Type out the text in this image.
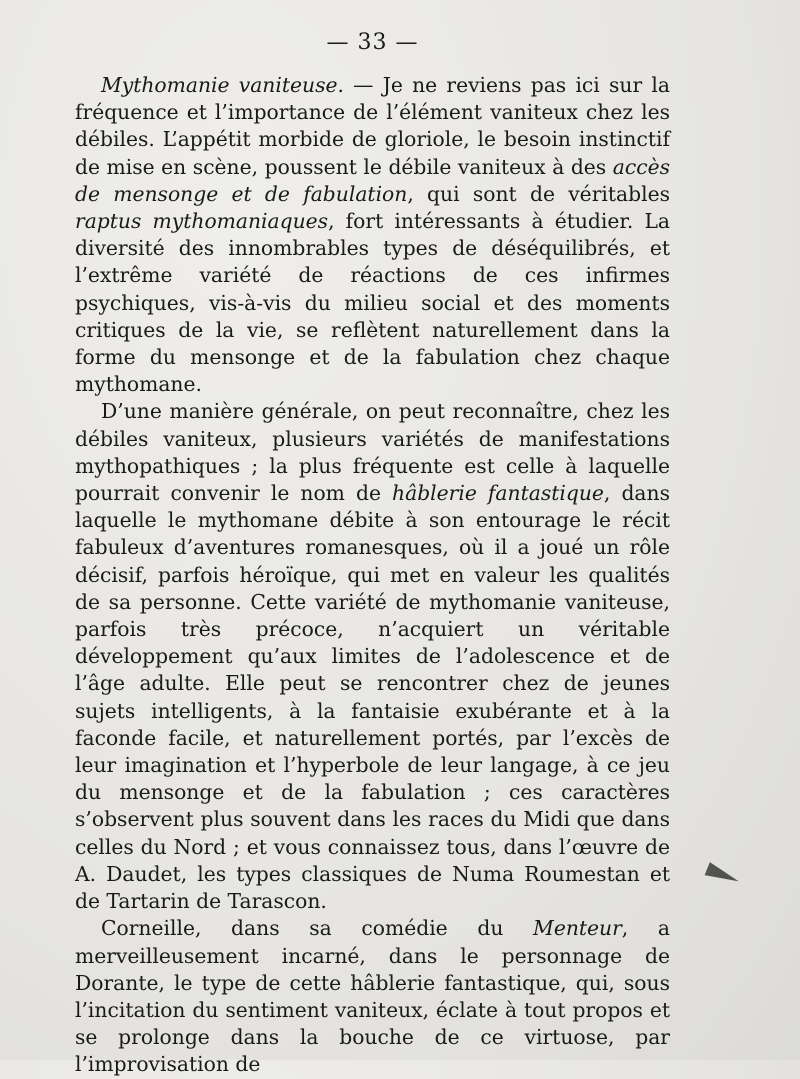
— 33 —

Mythomanie vaniteuse. — Je ne reviens pas ici sur la fréquence et l’importance de l’élément vaniteux chez les débiles. L’appétit morbide de gloriole, le besoin instinctif de mise en scène, poussent le débile vaniteux à des accès de mensonge et de fabulation, qui sont de véritables raptus mythomaniaques, fort intéressants à étudier. La diversité des innombrables types de déséquilibrés, et l’extrême variété de réactions de ces infirmes psychiques, vis-à-vis du milieu social et des moments critiques de la vie, se reflètent naturellement dans la forme du mensonge et de la fabulation chez chaque mythomane.

D’une manière générale, on peut reconnaître, chez les débiles vaniteux, plusieurs variétés de manifestations mythopathiques ; la plus fréquente est celle à laquelle pourrait convenir le nom de hâblerie fantastique, dans laquelle le mythomane débite à son entourage le récit fabuleux d’aventures romanesques, où il a joué un rôle décisif, parfois héroïque, qui met en valeur les qualités de sa personne. Cette variété de mythomanie vaniteuse, parfois très précoce, n’acquiert un véritable développement qu’aux limites de l’adolescence et de l’âge adulte. Elle peut se rencontrer chez de jeunes sujets intelligents, à la fantaisie exubérante et à la faconde facile, et naturellement portés, par l’excès de leur imagination et l’hyperbole de leur langage, à ce jeu du mensonge et de la fabulation ; ces caractères s’observent plus souvent dans les races du Midi que dans celles du Nord ; et vous connaissez tous, dans l’œuvre de A. Daudet, les types classiques de Numa Roumestan et de Tartarin de Tarascon.

Corneille, dans sa comédie du Menteur, a merveilleusement incarné, dans le personnage de Dorante, le type de cette hâblerie fantastique, qui, sous l’incitation du sentiment vaniteux, éclate à tout propos et se prolonge dans la bouche de ce virtuose, par l’improvisation de
